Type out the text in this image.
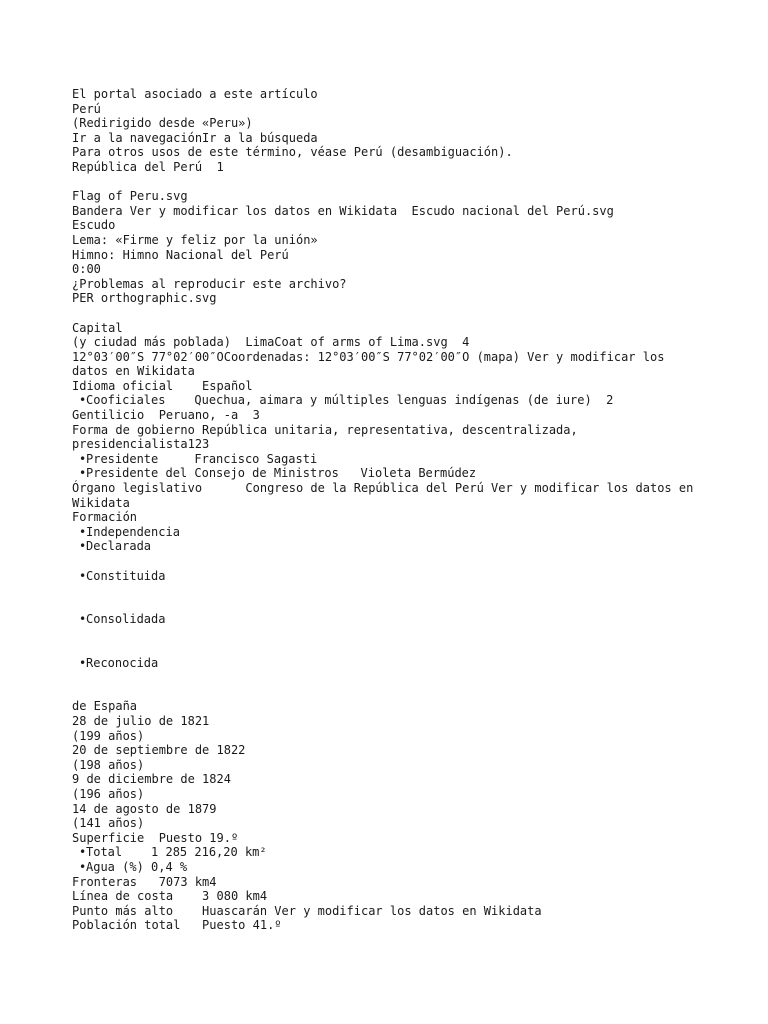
El portal asociado a este artículo
Perú
(Redirigido desde «Peru»)
Ir a la navegaciónIr a la búsqueda
Para otros usos de este término, véase Perú (desambiguación).
República del Perú  1
Flag of Peru.svg
Bandera Ver y modificar los datos en Wikidata  Escudo nacional del Perú.svg
Escudo
Lema: «Firme y feliz por la unión»
Himno: Himno Nacional del Perú
0:00
¿Problemas al reproducir este archivo?
PER orthographic.svg
Capital
(y ciudad más poblada)  LimaCoat of arms of Lima.svg  4
12°03′00″S 77°02′00″OCoordenadas: 12°03′00″S 77°02′00″O (mapa) Ver y modificar los datos en Wikidata
Idioma oficial    Español
• Cooficiales    Quechua, aimara y múltiples lenguas indígenas (de iure)  2
Gentilicio  Peruano, -a  3
Forma de gobierno República unitaria, representativa, descentralizada, presidencialista123
• Presidente     Francisco Sagasti
• Presidente del Consejo de Ministros   Violeta Bermúdez
Órgano legislativo      Congreso de la República del Perú Ver y modificar los datos en Wikidata
Formación
• Independencia
• Declarada
• Constituida
• Consolidada
• Reconocida
de España
28 de julio de 1821
(199 años)
20 de septiembre de 1822
(198 años)
9 de diciembre de 1824
(196 años)
14 de agosto de 1879
(141 años)
Superficie  Puesto 19.º
• Total    1 285 216,20 km²
• Agua (%) 0,4 %
Fronteras   7073 km4
Línea de costa    3 080 km4
Punto más alto    Huascarán Ver y modificar los datos en Wikidata
Población total   Puesto 41.º
